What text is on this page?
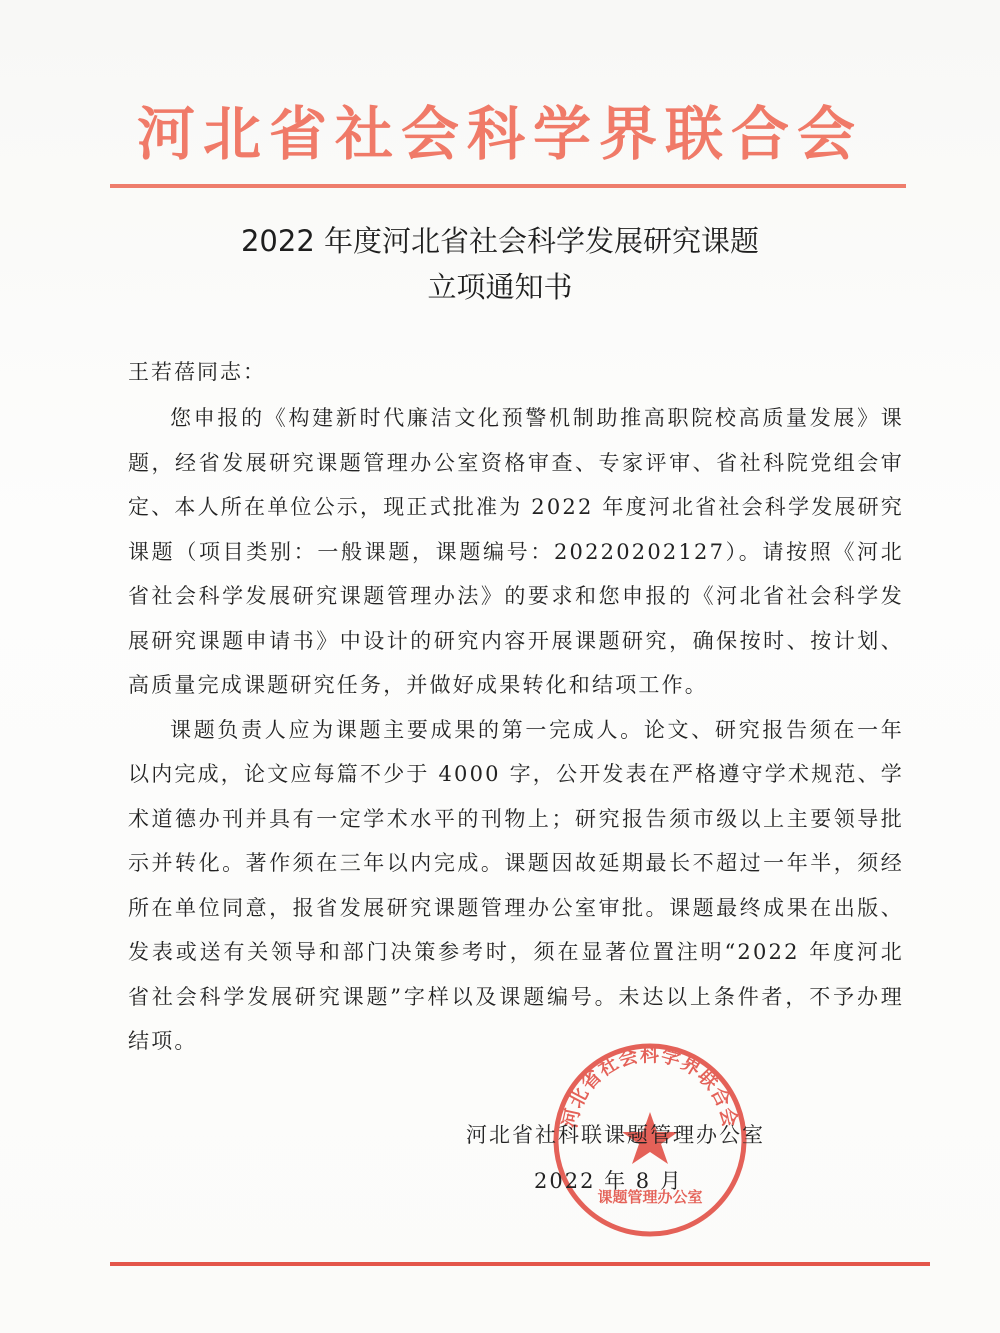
河北省社会科学界联合会
2022 年度河北省社会科学发展研究课题
立项通知书
王若蓓同志：

您申报的《构建新时代廉洁文化预警机制助推高职院校高质量发展》课题，经省发展研究课题管理办公室资格审查、专家评审、省社科院党组会审定、本人所在单位公示，现正式批准为 2022 年度河北省社会科学发展研究课题（项目类别：一般课题，课题编号：20220202127）。请按照《河北省社会科学发展研究课题管理办法》的要求和您申报的《河北省社会科学发展研究课题申请书》中设计的研究内容开展课题研究，确保按时、按计划、高质量完成课题研究任务，并做好成果转化和结项工作。

课题负责人应为课题主要成果的第一完成人。论文、研究报告须在一年以内完成，论文应每篇不少于 4000 字，公开发表在严格遵守学术规范、学术道德办刊并具有一定学术水平的刊物上；研究报告须市级以上主要领导批示并转化。著作须在三年以内完成。课题因故延期最长不超过一年半，须经所在单位同意，报省发展研究课题管理办公室审批。课题最终成果在出版、发表或送有关领导和部门决策参考时，须在显著位置注明“2022 年度河北省社会科学发展研究课题”字样以及课题编号。未达以上条件者，不予办理结项。

河北省社会科学界联合会
课题管理办公室
河北省社科联课题管理办公室
2022 年 8 月
